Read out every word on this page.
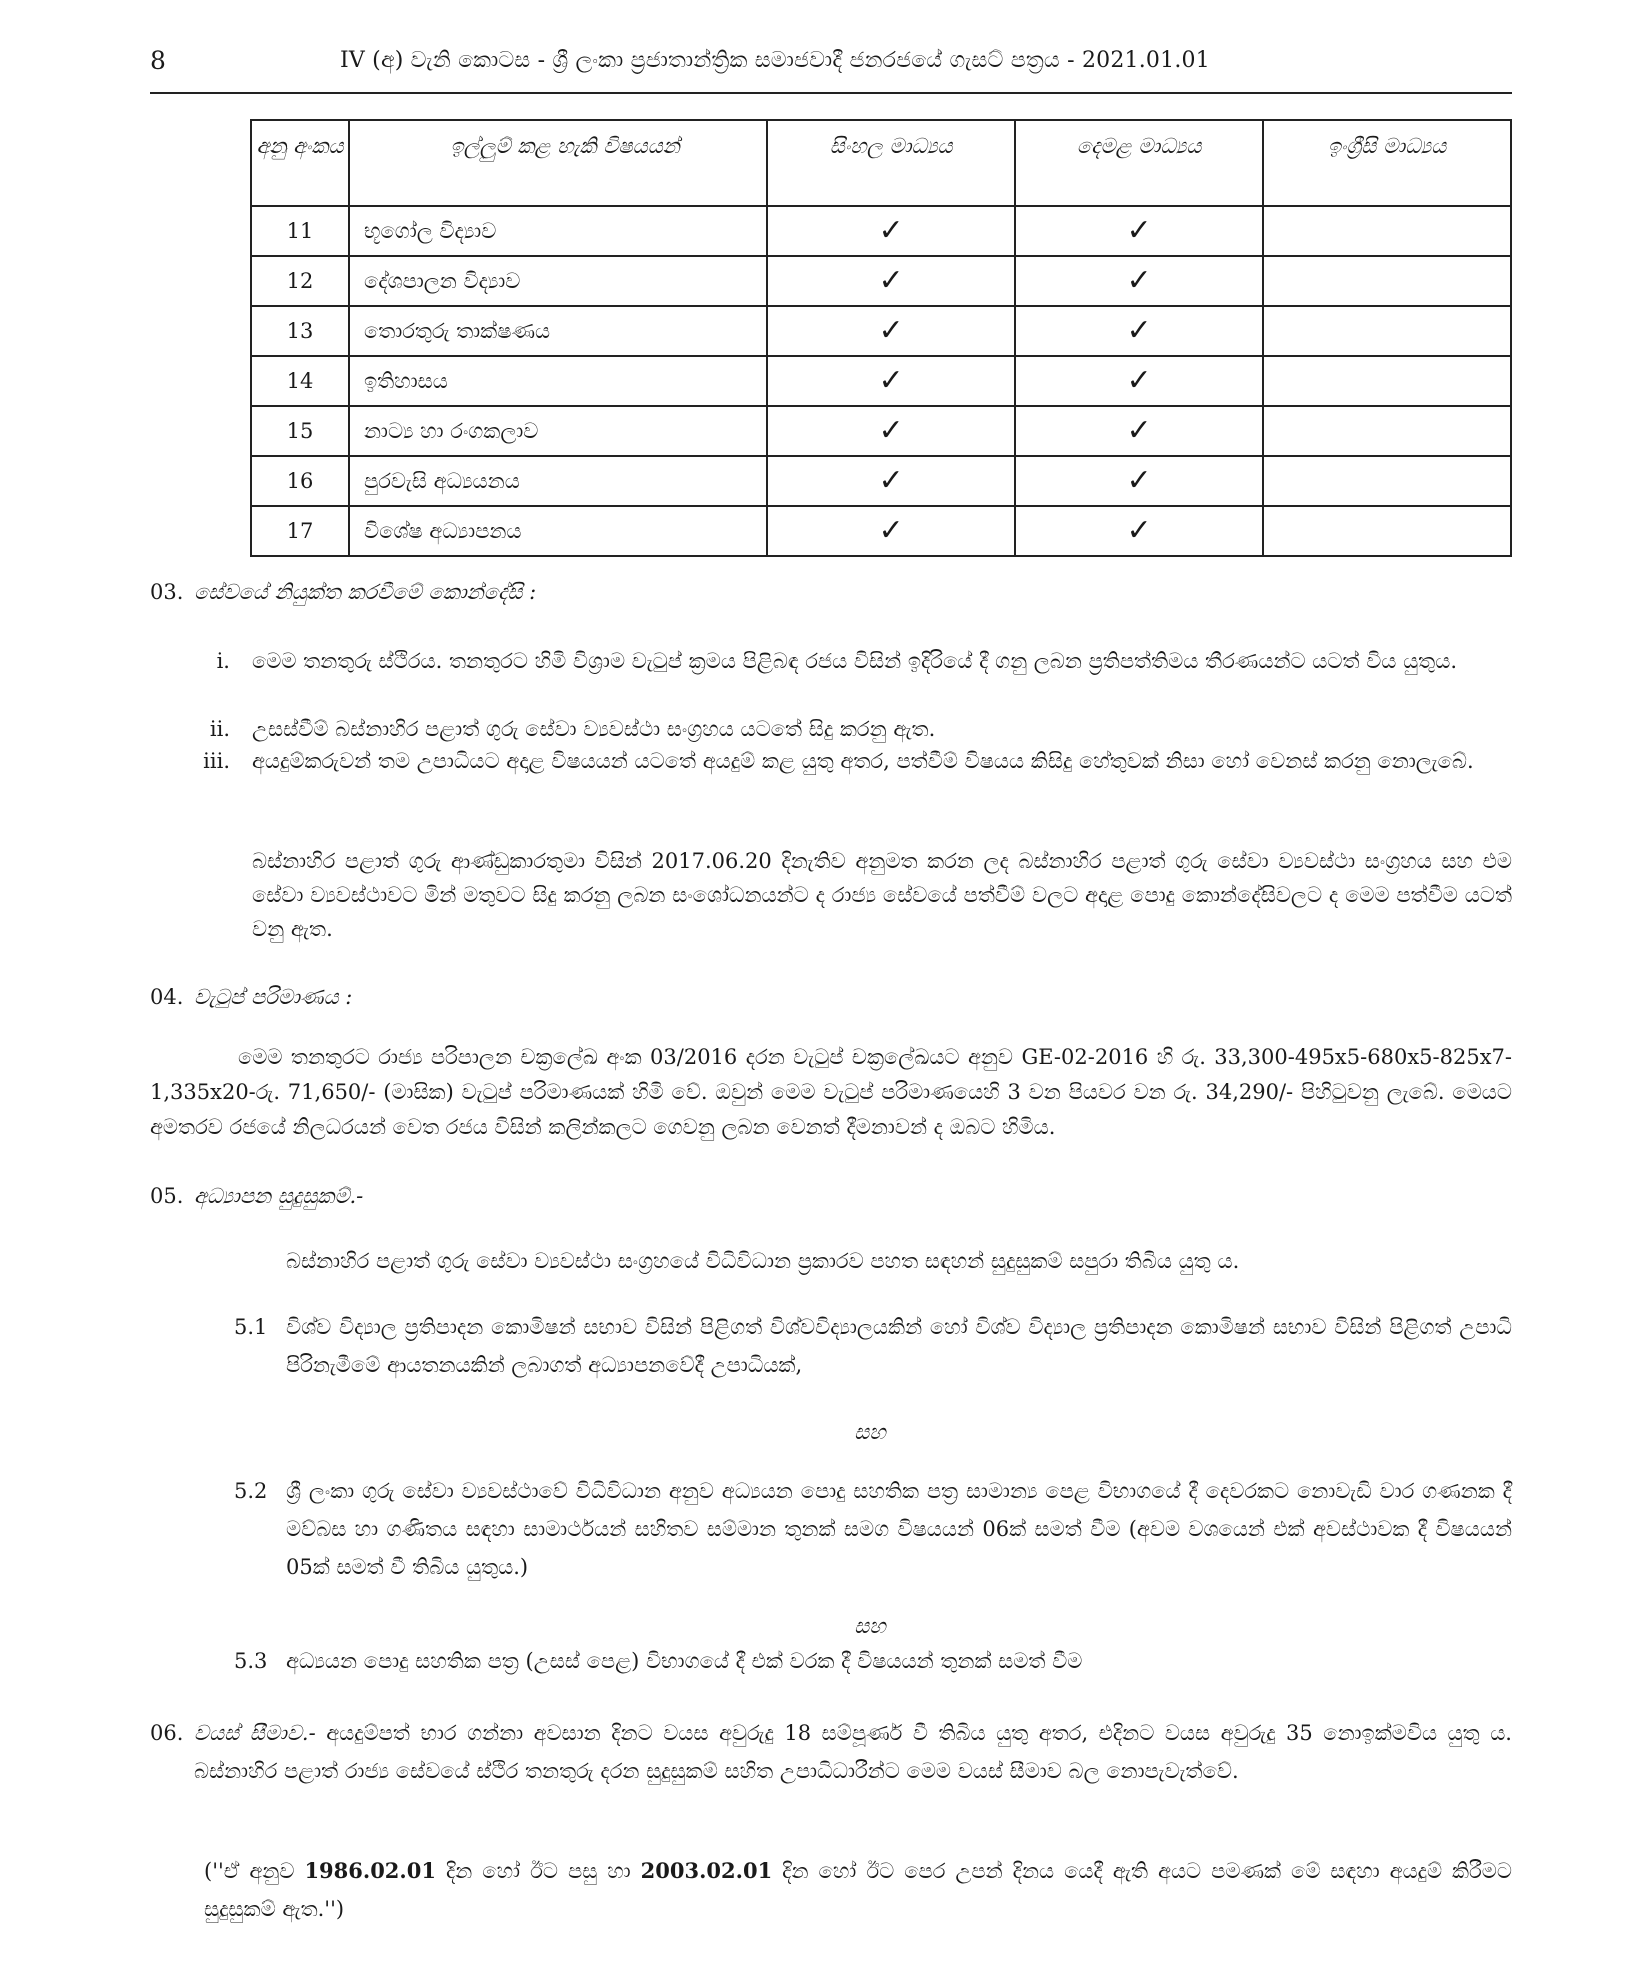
8	IV (අ) වැනි කොටස - ශ්‍රී ලංකා ප්‍රජාතාන්ත්‍රික සමාජවාදී ජනරජයේ ගැසට් පත්‍රය - 2021.01.01
අනු අංකය	ඉල්ලුම් කළ හැකි විෂයයන්	සිංහල මාධ්‍යය	දෙමළ මාධ්‍යය	ඉංග්‍රීසි මාධ්‍යය
11	භූගෝල විද්‍යාව	✓	✓	
12	දේශපාලන විද්‍යාව	✓	✓	
13	තොරතුරු තාක්ෂණය	✓	✓	
14	ඉතිහාසය	✓	✓	
15	නාට්‍ය හා රංගකලාව	✓	✓	
16	පුරවැසි අධ්‍යයනය	✓	✓	
17	විශේෂ අධ්‍යාපනය	✓	✓	
03. සේවයේ නියුක්ත කරවීමේ කොන්දේසි :
i. මෙම තනතුරු ස්ථිරය. තනතුරට හිමි විශ්‍රාම වැටුප් ක්‍රමය පිළිබඳ රජය විසින් ඉදිරියේ දී ගනු ලබන ප්‍රතිපත්තිමය තීරණයන්ට යටත් විය යුතුය.
ii. උසස්වීම් බස්නාහිර පළාත් ගුරු සේවා ව්‍යවස්ථා සංග්‍රහය යටතේ සිදු කරනු ඇත.
iii. අයදුම්කරුවන් තම උපාධියට අදාළ විෂයයන් යටතේ අයදුම් කළ යුතු අතර, පත්වීම් විෂයය කිසිදු හේතුවක් නිසා හෝ වෙනස් කරනු නොලැබේ.
බස්නාහිර පළාත් ගුරු ආණ්ඩුකාරතුමා විසින් 2017.06.20 දිනැතිව අනුමත කරන ලද බස්නාහිර පළාත් ගුරු සේවා ව්‍යවස්ථා සංග්‍රහය සහ එම සේවා ව්‍යවස්ථාවට මින් මතුවට සිදු කරනු ලබන සංශෝධනයන්ට ද රාජ්‍ය සේවයේ පත්වීම් වලට අදාළ පොදු කොන්දේසිවලට ද මෙම පත්වීම යටත් වනු ඇත.
04. වැටුප් පරිමාණය :
මෙම තනතුරට රාජ්‍ය පරිපාලන චක්‍රලේඛ අංක 03/2016 දරන වැටුප් චක්‍රලේඛයට අනුව GE-02-2016 හි රු. 33,300-495x5-680x5-825x7-1,335x20-රු. 71,650/- (මාසික) වැටුප් පරිමාණයක් හිමි වේ. ඔවුන් මෙම වැටුප් පරිමාණයෙහි 3 වන පියවර වන රු. 34,290/- පිහිටුවනු ලැබේ. මෙයට අමතරව රජයේ නිලධරයන් වෙත රජය විසින් කලින්කලට ගෙවනු ලබන වෙනත් දීමනාවන් ද ඔබට හිමිය.
05. අධ්‍යාපන සුදුසුකම්.-
බස්නාහිර පළාත් ගුරු සේවා ව්‍යවස්ථා සංග්‍රහයේ විධිවිධාන ප්‍රකාරව පහත සඳහන් සුදුසුකම් සපුරා තිබිය යුතු ය.
5.1 විශ්ව විද්‍යාල ප්‍රතිපාදන කොමිෂන් සභාව විසින් පිළිගත් විශ්වවිද්‍යාලයකින් හෝ විශ්ව විද්‍යාල ප්‍රතිපාදන කොමිෂන් සභාව විසින් පිළිගත් උපාධි පිරිනැමීමේ ආයතනයකින් ලබාගත් අධ්‍යාපනවේදී උපාධියක්,
සහ
5.2 ශ්‍රී ලංකා ගුරු සේවා ව්‍යවස්ථාවේ විධිවිධාන අනුව අධ්‍යයන පොදු සහතික පත්‍ර සාමාන්‍ය පෙළ විභාගයේ දී දෙවරකට නොවැඩි වාර ගණනක දී මව්බස හා ගණිතය සඳහා සාමාර්ථයන් සහිතව සම්මාන තුනක් සමග විෂයයන් 06ක් සමත් වීම (අවම වශයෙන් එක් අවස්ථාවක දී විෂයයන් 05ක් සමත් වී තිබිය යුතුය.)
සහ
5.3 අධ්‍යයන පොදු සහතික පත්‍ර (උසස් පෙළ) විභාගයේ දී එක් වරක දී විෂයයන් තුනක් සමත් වීම
06. වයස් සීමාව.- අයදුම්පත් භාර ගන්නා අවසාන දිනට වයස අවුරුදු 18 සම්පූර්ණ වී තිබිය යුතු අතර, එදිනට වයස අවුරුදු 35 නොඉක්මවිය යුතු ය. බස්නාහිර පළාත් රාජ්‍ය සේවයේ ස්ථිර තනතුරු දරන සුදුසුකම් සහිත උපාධිධාරීන්ට මෙම වයස් සීමාව බල නොපැවැත්වේ.
(''ඒ අනුව 1986.02.01 දින හෝ ඊට පසු හා 2003.02.01 දින හෝ ඊට පෙර උපන් දිනය යෙදී ඇති අයට පමණක් මේ සඳහා අයදුම් කිරීමට සුදුසුකම් ඇත.'')
